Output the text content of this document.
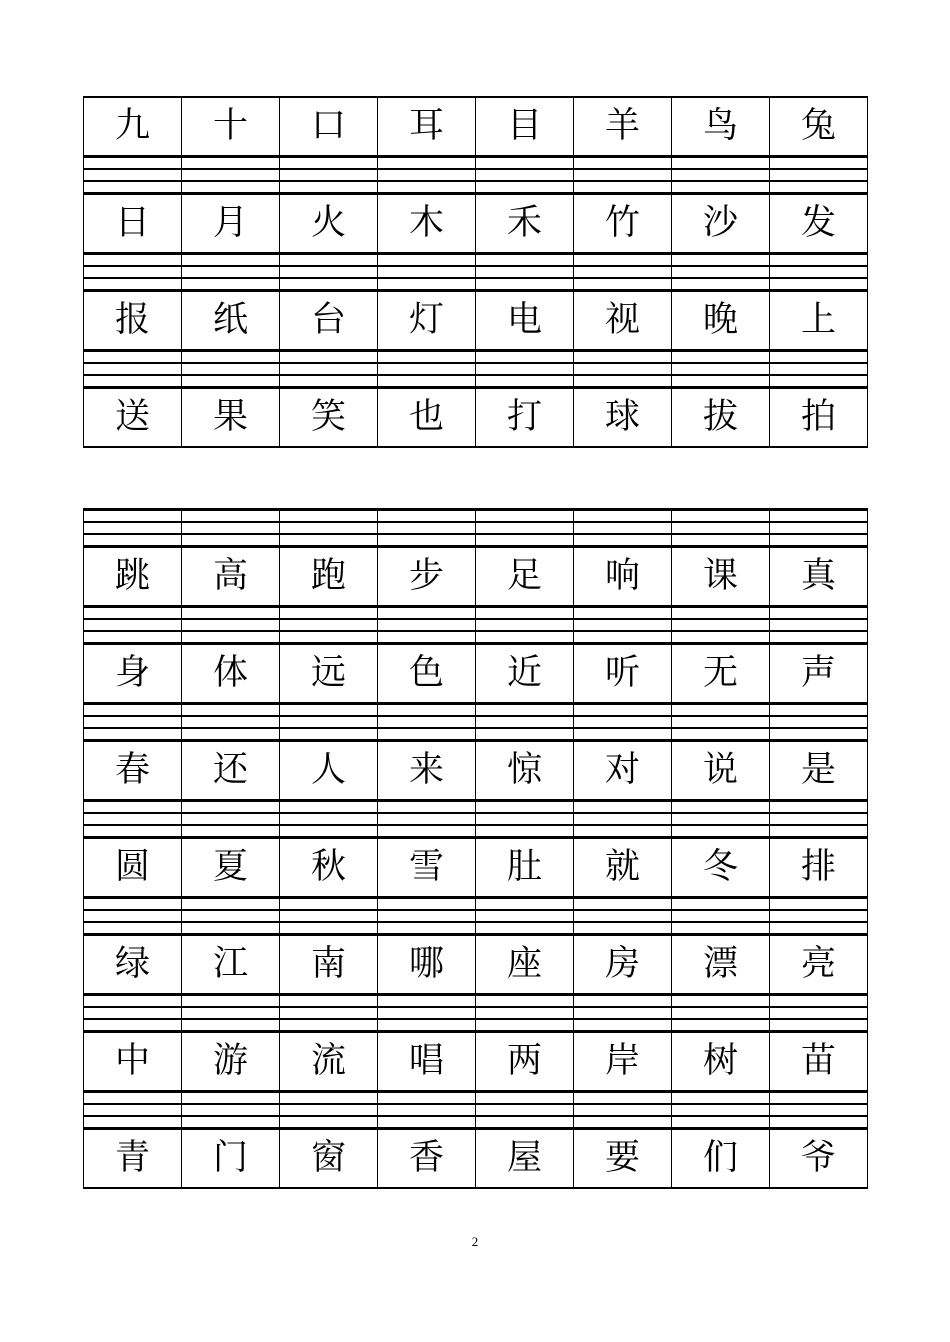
九	十	口	耳	目	羊	鸟	兔

日	月	火	木	禾	竹	沙	发

报	纸	台	灯	电	视	晚	上

送	果	笑	也	打	球	拔	拍

跳	高	跑	步	足	响	课	真

身	体	远	色	近	听	无	声

春	还	人	来	惊	对	说	是

圆	夏	秋	雪	肚	就	冬	排

绿	江	南	哪	座	房	漂	亮

中	游	流	唱	两	岸	树	苗

青	门	窗	香	屋	要	们	爷
2
